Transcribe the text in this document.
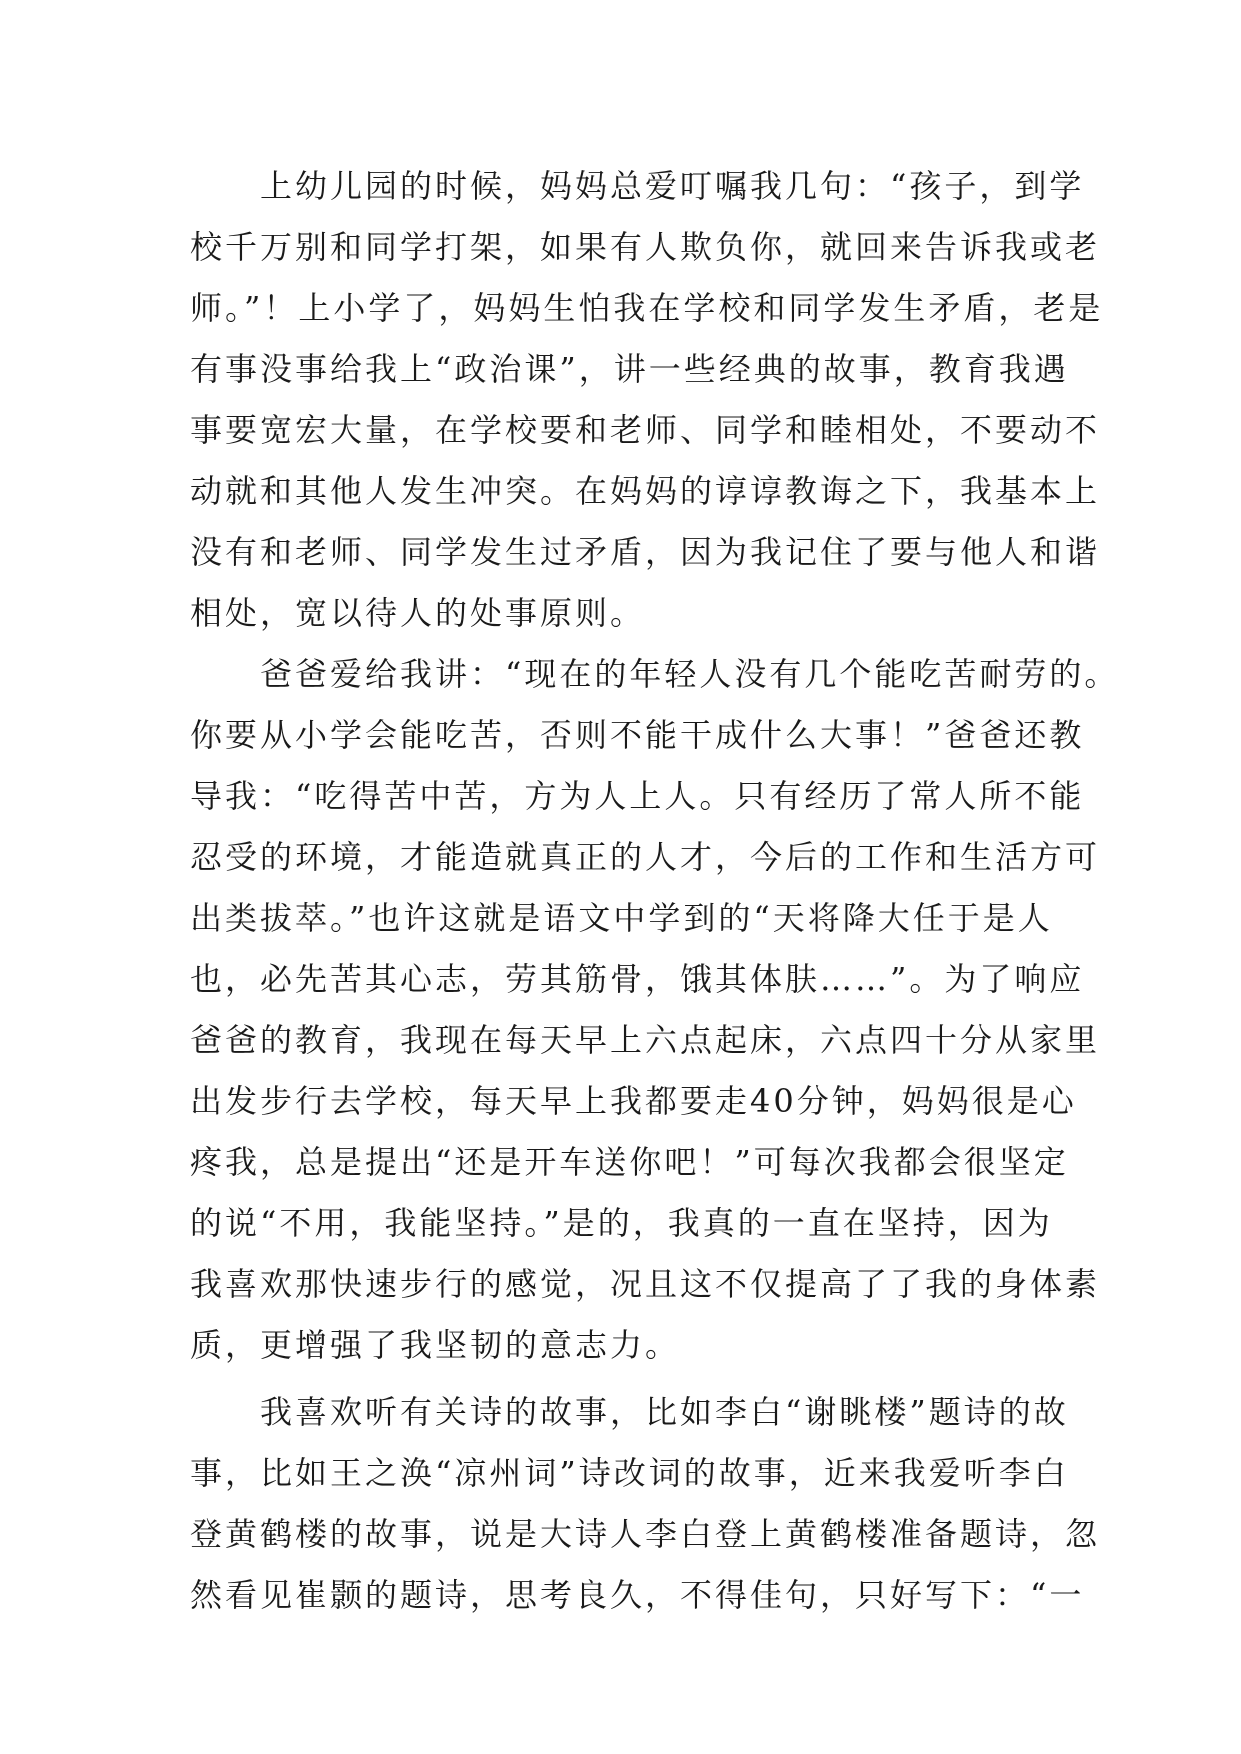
　　上幼儿园的时候，妈妈总爱叮嘱我几句：“孩子，到学
校千万别和同学打架，如果有人欺负你，就回来告诉我或老
师。”！上小学了，妈妈生怕我在学校和同学发生矛盾，老是
有事没事给我上“政治课”，讲一些经典的故事，教育我遇
事要宽宏大量，在学校要和老师、同学和睦相处，不要动不
动就和其他人发生冲突。在妈妈的谆谆教诲之下，我基本上
没有和老师、同学发生过矛盾，因为我记住了要与他人和谐
相处，宽以待人的处事原则。
　　爸爸爱给我讲：“现在的年轻人没有几个能吃苦耐劳的。
你要从小学会能吃苦，否则不能干成什么大事！”爸爸还教
导我：“吃得苦中苦，方为人上人。只有经历了常人所不能
忍受的环境，才能造就真正的人才，今后的工作和生活方可
出类拔萃。”也许这就是语文中学到的“天将降大任于是人
也，必先苦其心志，劳其筋骨，饿其体肤……”。为了响应
爸爸的教育，我现在每天早上六点起床，六点四十分从家里
出发步行去学校，每天早上我都要走40分钟，妈妈很是心
疼我，总是提出“还是开车送你吧！”可每次我都会很坚定
的说“不用，我能坚持。”是的，我真的一直在坚持，因为
我喜欢那快速步行的感觉，况且这不仅提高了了我的身体素
质，更增强了我坚韧的意志力。
　　我喜欢听有关诗的故事，比如李白“谢眺楼”题诗的故
事，比如王之涣“凉州词”诗改词的故事，近来我爱听李白
登黄鹤楼的故事，说是大诗人李白登上黄鹤楼准备题诗，忽
然看见崔颢的题诗，思考良久，不得佳句，只好写下：“一
